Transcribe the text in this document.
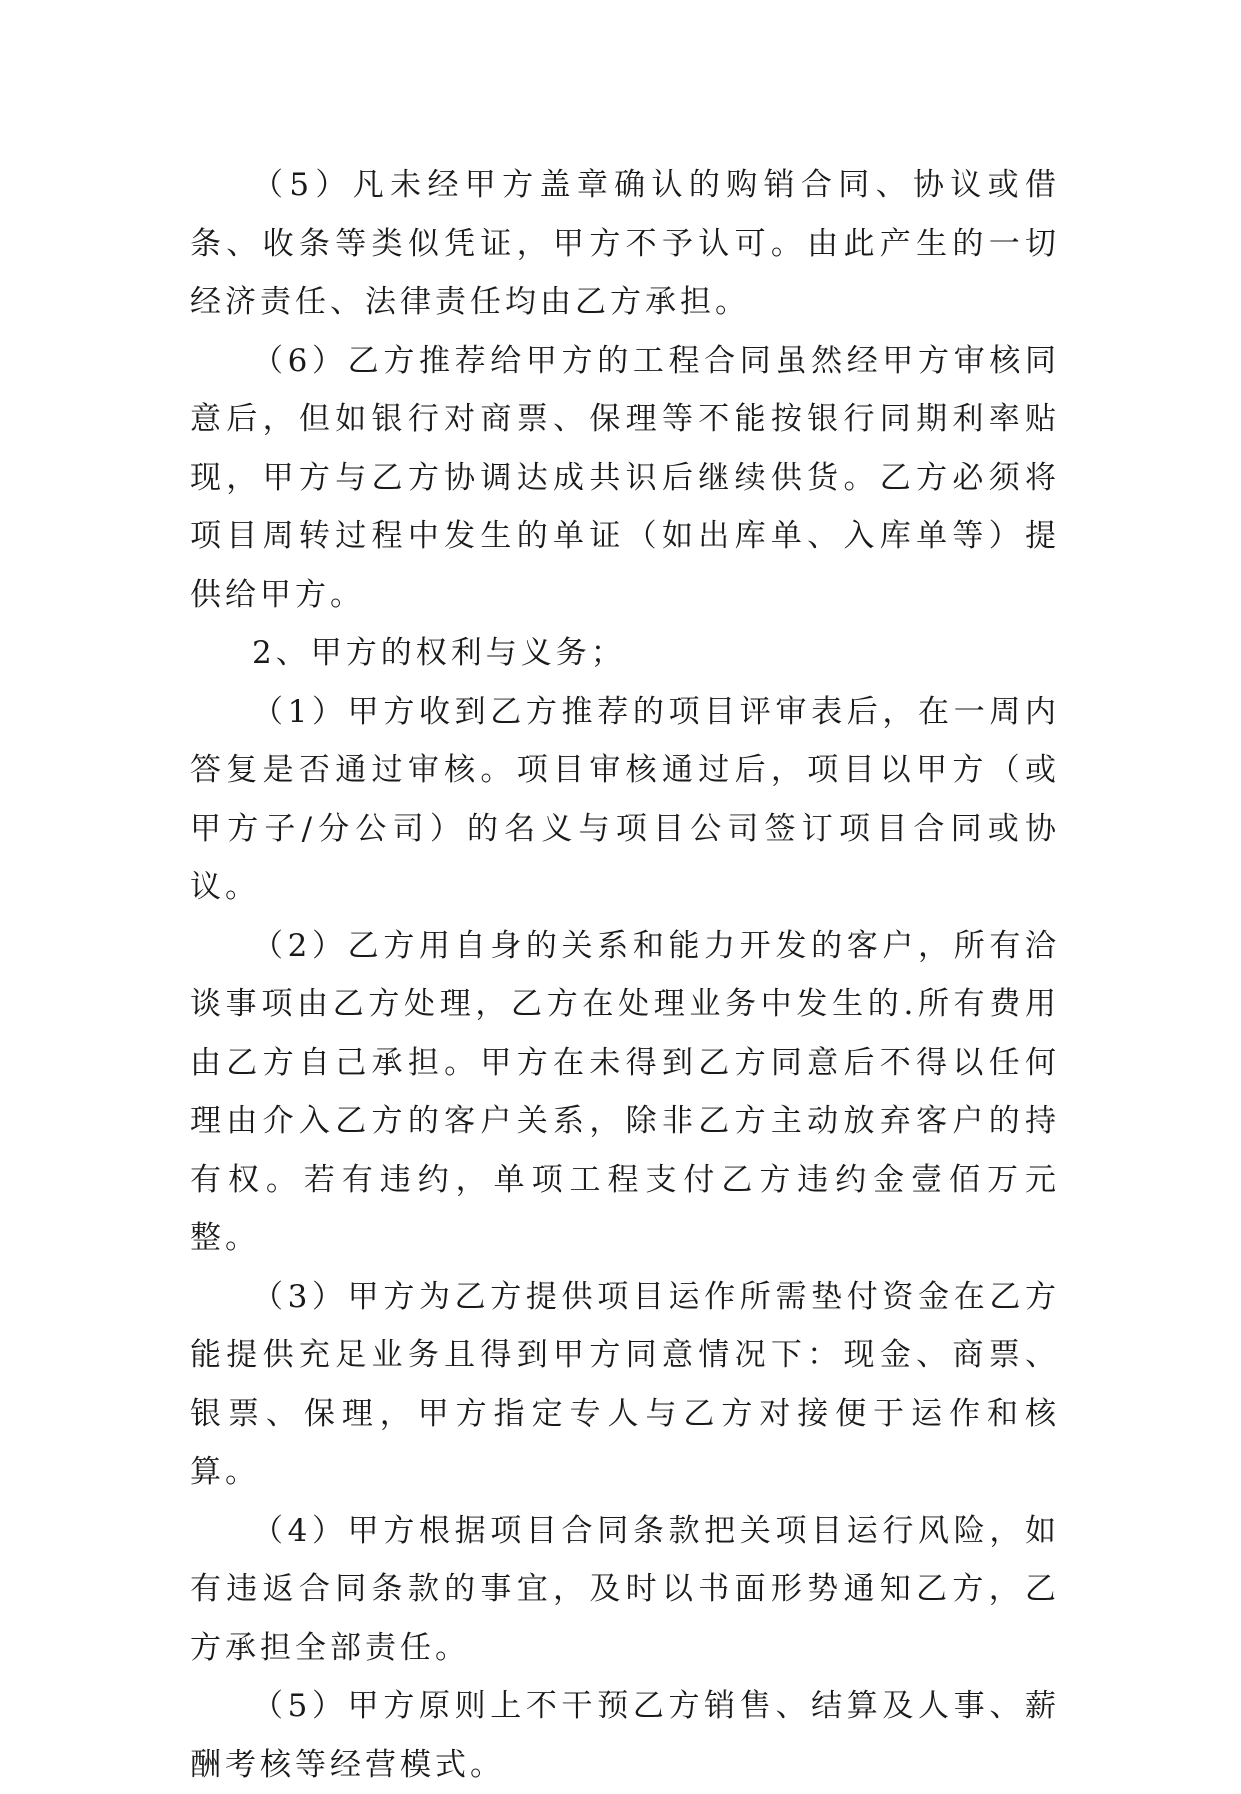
（5）凡未经甲方盖章确认的购销合同、协议或借条、收条等类似凭证，甲方不予认可。由此产生的一切经济责任、法律责任均由乙方承担。

（6）乙方推荐给甲方的工程合同虽然经甲方审核同意后，但如银行对商票、保理等不能按银行同期利率贴现，甲方与乙方协调达成共识后继续供货。乙方必须将项目周转过程中发生的单证（如出库单、入库单等）提供给甲方。

2、甲方的权利与义务；

（1）甲方收到乙方推荐的项目评审表后，在一周内答复是否通过审核。项目审核通过后，项目以甲方（或甲方子/分公司）的名义与项目公司签订项目合同或协议。

（2）乙方用自身的关系和能力开发的客户，所有洽谈事项由乙方处理，乙方在处理业务中发生的.所有费用由乙方自己承担。甲方在未得到乙方同意后不得以任何理由介入乙方的客户关系，除非乙方主动放弃客户的持有权。若有违约，单项工程支付乙方违约金壹佰万元整。

（3）甲方为乙方提供项目运作所需垫付资金在乙方能提供充足业务且得到甲方同意情况下：现金、商票、银票、保理，甲方指定专人与乙方对接便于运作和核算。

（4）甲方根据项目合同条款把关项目运行风险，如有违返合同条款的事宜，及时以书面形势通知乙方，乙方承担全部责任。

（5）甲方原则上不干预乙方销售、结算及人事、薪酬考核等经营模式。
